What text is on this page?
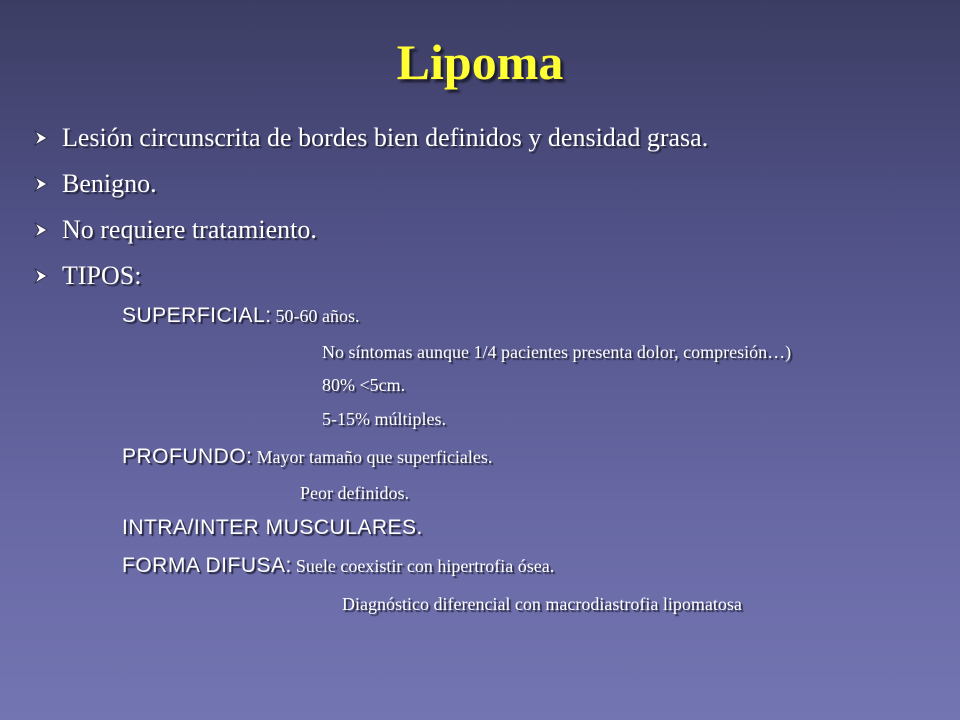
Lipoma
Lesión circunscrita de bordes bien definidos y densidad grasa.
Benigno.
No requiere tratamiento.
TIPOS:
SUPERFICIAL: 50-60 años.
No síntomas aunque 1/4 pacientes presenta dolor, compresión…)
80% <5cm.
5-15% múltiples.
PROFUNDO: Mayor tamaño que superficiales.
Peor definidos.
INTRA/INTER MUSCULARES.
FORMA DIFUSA: Suele coexistir con hipertrofia ósea.
Diagnóstico diferencial con macrodiastrofia lipomatosa
